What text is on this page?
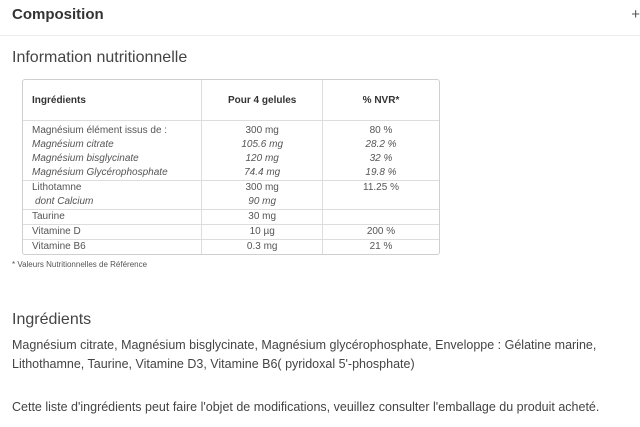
Composition	+
Information nutritionnelle
Ingrédients	Pour 4 gelules	% NVR*
Magnésium élément issus de :	300 mg	80 %
Magnésium citrate	105.6 mg	28.2 %
Magnésium bisglycinate	120 mg	32 %
Magnésium Glycérophosphate	74.4 mg	19.8 %
Lithotamne	300 mg	11.25 %
dont Calcium	90 mg	
Taurine	30 mg	
Vitamine D	10 µg	200 %
Vitamine B6	0.3 mg	21 %
* Valeurs Nutritionnelles de Référence
Ingrédients
Magnésium citrate, Magnésium bisglycinate, Magnésium glycérophosphate, Enveloppe : Gélatine marine, Lithothamne, Taurine, Vitamine D3, Vitamine B6( pyridoxal 5'-phosphate)
Cette liste d'ingrédients peut faire l'objet de modifications, veuillez consulter l'emballage du produit acheté.
